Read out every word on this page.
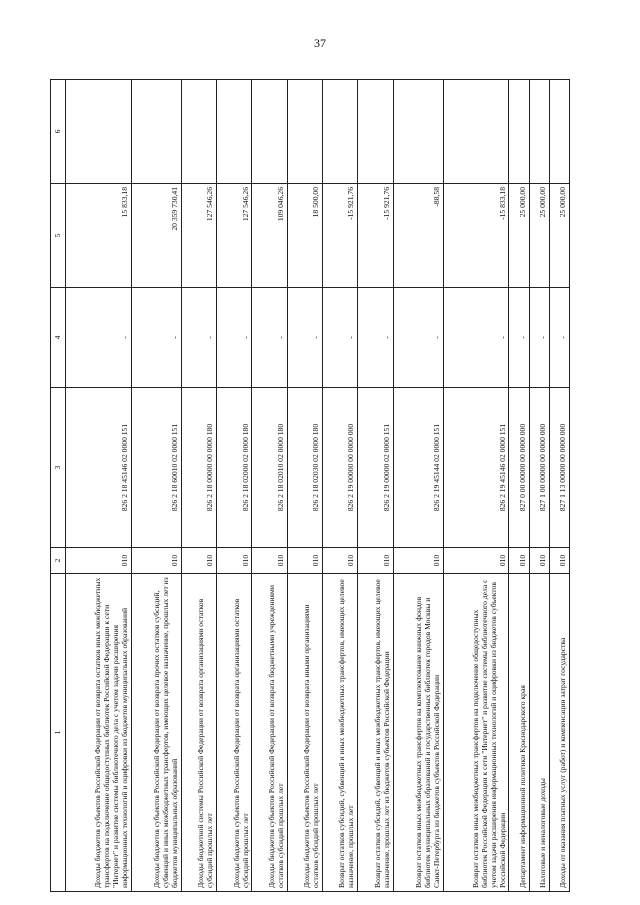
37
1	2	3	4	5	6
Доходы бюджетов субъектов Российской Федерации от возврата остатков иных межбюджетных трансфертов на подключение общедоступных библиотек Российской Федерации к сети "Интернет" и развитие системы библиотечного дела с учетом задачи расширения информационных технологий и оцифровки из бюджетов муниципальных образований	010	826 2 18 45146 02 0000 151	-	15 833,18	
Доходы бюджетов субъектов Российской Федерации от возврата прочих остатков субсидий, субвенций и иных межбюджетных трансфертов, имеющих целевое назначение, прошлых лет из бюджетов муниципальных образований	010	826 2 18 60010 02 0000 151	-	20 359 730,41	
Доходы бюджетной системы Российской Федерации от возврата организациями остатков субсидий прошлых лет	010	826 2 18 00000 00 0000 180	-	127 546,26	
Доходы бюджетов субъектов Российской Федерации от возврата организациями остатков субсидий прошлых лет	010	826 2 18 02000 02 0000 180	-	127 546,26	
Доходы бюджетов субъектов Российской Федерации от возврата бюджетными учреждениями остатков субсидий прошлых лет	010	826 2 18 02010 02 0000 180	-	109 046,26	
Доходы бюджетов субъектов Российской Федерации от возврата иными организациями остатков субсидий прошлых лет	010	826 2 18 02030 02 0000 180	-	18 500,00	
Возврат остатков субсидий, субвенций и иных межбюджетных трансфертов, имеющих целевое назначение, прошлых лет	010	826 2 19 00000 00 0000 000	-	-15 921,76	
Возврат остатков субсидий, субвенций и иных межбюджетных трансфертов, имеющих целевое назначение, прошлых лет из бюджетов субъектов Российской Федерации	010	826 2 19 00000 02 0000 151	-	-15 921,76	
Возврат остатков иных межбюджетных трансфертов на комплектование книжных фондов библиотек муниципальных образований и государственных библиотек городов Москвы и Санкт-Петербурга из бюджетов субъектов Российской Федерации	010	826 2 19 45144 02 0000 151	-	-88,58	
Возврат остатков иных межбюджетных трансфертов на подключение общедоступных библиотек Российской Федерации к сети "Интернет" и развитие системы библиотечного дела с учетом задачи расширения информационных технологий и оцифровки из бюджетов субъектов Российской Федерации	010	826 2 19 45146 02 0000 151	-	-15 833,18	
Департамент информационной политики Краснодарского края	010	827 0 00 00000 00 0000 000	-	25 000,00	
Налоговые и неналоговые доходы	010	827 1 00 00000 00 0000 000	-	25 000,00	
Доходы от оказания платных услуг (работ) и компенсации затрат государства	010	827 1 13 00000 00 0000 000	-	25 000,00	
